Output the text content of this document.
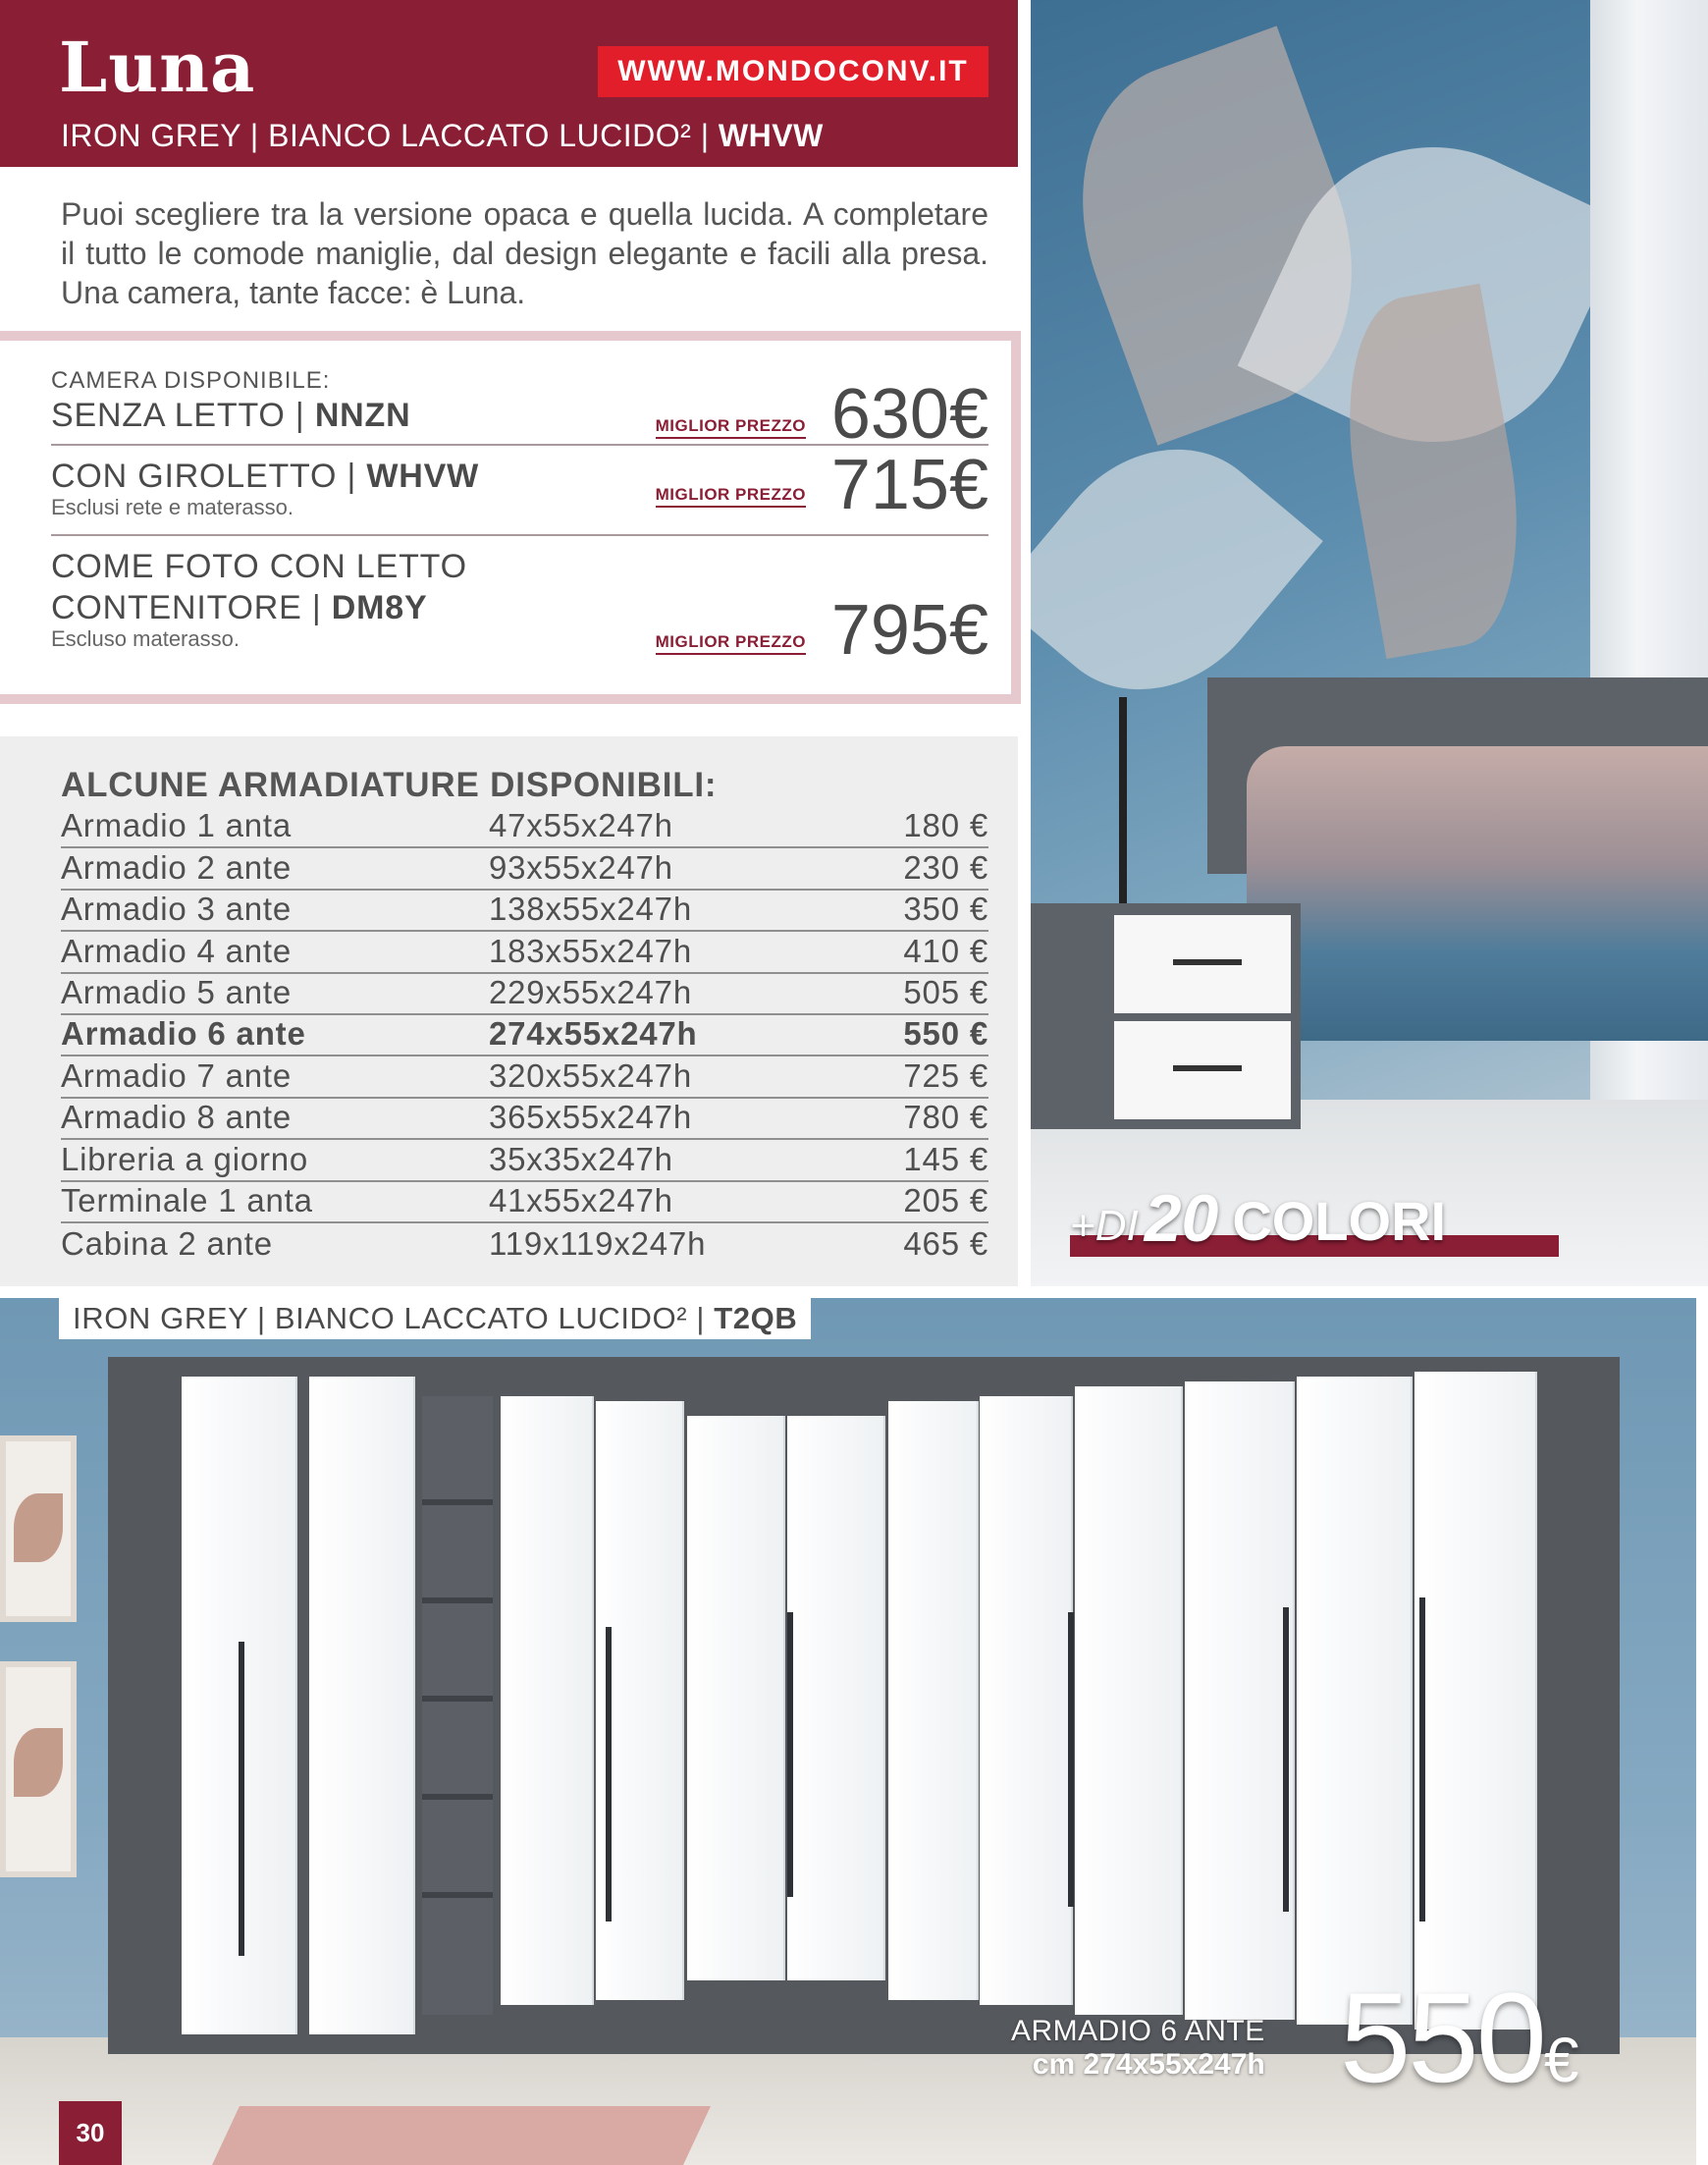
Luna	WWW.MONDOCONV.IT
IRON GREY | BIANCO LACCATO LUCIDO² | WHVW

Puoi scegliere tra la versione opaca e quella lucida. A completare il tutto le comode maniglie, dal design elegante e facili alla presa. Una camera, tante facce: è Luna.

CAMERA DISPONIBILE:
SENZA LETTO | NNZN	MIGLIOR PREZZO 630€
CON GIROLETTO | WHVW
Esclusi rete e materasso.
MIGLIOR PREZZO 715€
COME FOTO CON LETTO
CONTENITORE | DM8Y
Escluso materasso.	MIGLIOR PREZZO 795€
ALCUNE ARMADIATURE DISPONIBILI:
Armadio 1 anta	47x55x247h	180 €
Armadio 2 ante	93x55x247h	230 €
Armadio 3 ante	138x55x247h	350 €
Armadio 4 ante	183x55x247h	410 €
Armadio 5 ante	229x55x247h	505 €
Armadio 6 ante	274x55x247h	550 €
Armadio 7 ante	320x55x247h	725 €
Armadio 8 ante	365x55x247h	780 €
Libreria a giorno	35x35x247h	145 €
Terminale 1 anta	41x55x247h	205 €
Cabina 2 ante	119x119x247h	465 € +DI 20 COLORI
IRON GREY | BIANCO LACCATO LUCIDO² | T2QB
ARMADIO 6 ANTE
cm 274x55x247h 550€
30
